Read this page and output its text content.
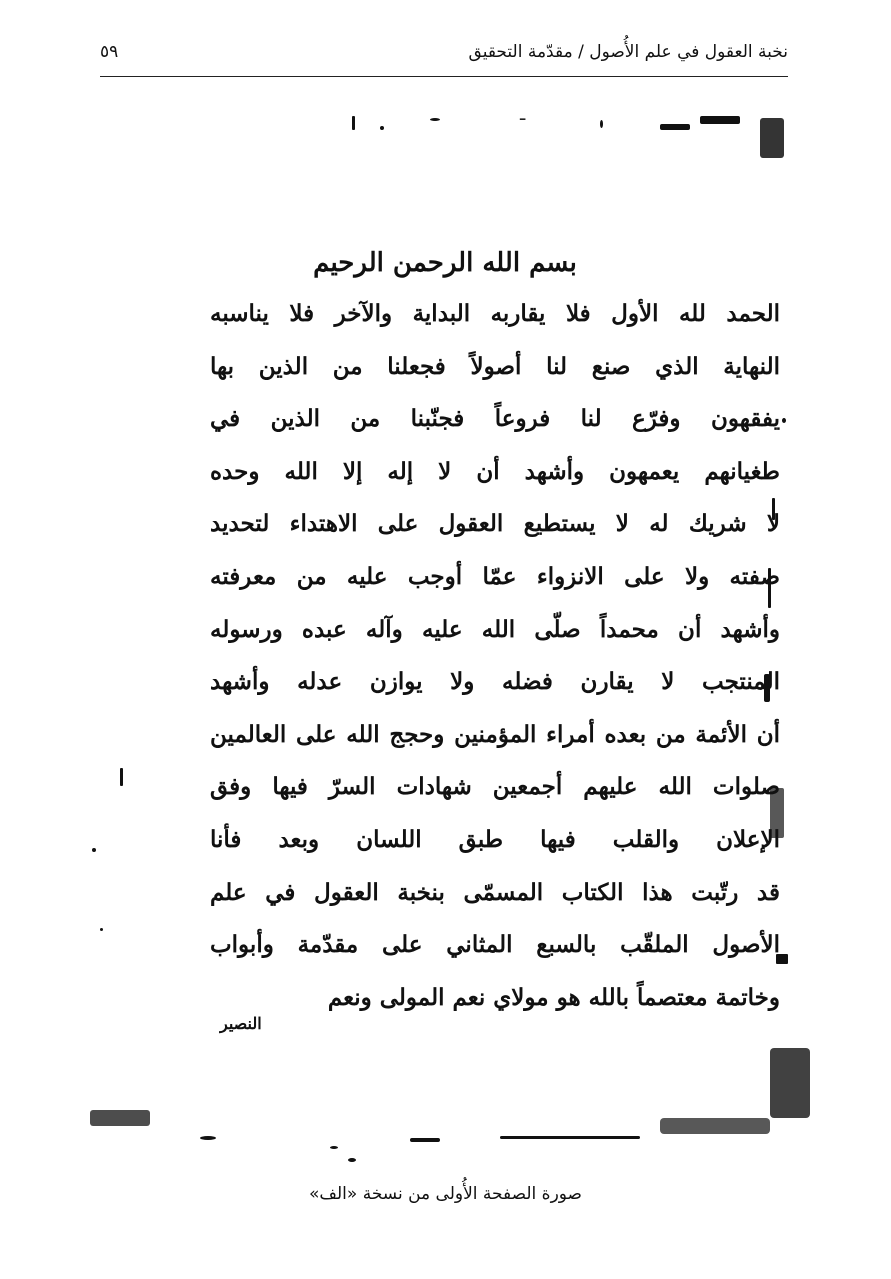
نخبة العقول في علم الأُصول / مقدّمة التحقيق
٥٩
ـ
بسم الله الرحمن الرحيم
الحمد لله الأول فلا يقاربه البداية والآخر فلا يناسبه
النهاية الذي صنع لنا أصولاً فجعلنا من الذين بها
يفقهون وفرّع لنا فروعاً فجنّبنا من الذين في
طغيانهم يعمهون وأشهد أن لا إله إلا الله وحده
لا شريك له لا يستطيع العقول على الاهتداء لتحديد
صفته ولا على الانزواء عمّا أوجب عليه من معرفته
وأشهد أن محمداً صلّى الله عليه وآله عبده ورسوله
المنتجب لا يقارن فضله ولا يوازن عدله وأشهد
أن الأئمة من بعده أمراء المؤمنين وحجج الله على العالمين
صلوات الله عليهم أجمعين شهادات السرّ فيها وفق
الإعلان والقلب فيها طبق اللسان وبعد فأنا
قد رتّبت هذا الكتاب المسمّى بنخبة العقول في علم
الأصول الملقّب بالسبع المثاني على مقدّمة وأبواب
وخاتمة معتصماً بالله هو مولاي نعم المولى ونعم
النصير
صورة الصفحة الأُولى من نسخة «الف»
